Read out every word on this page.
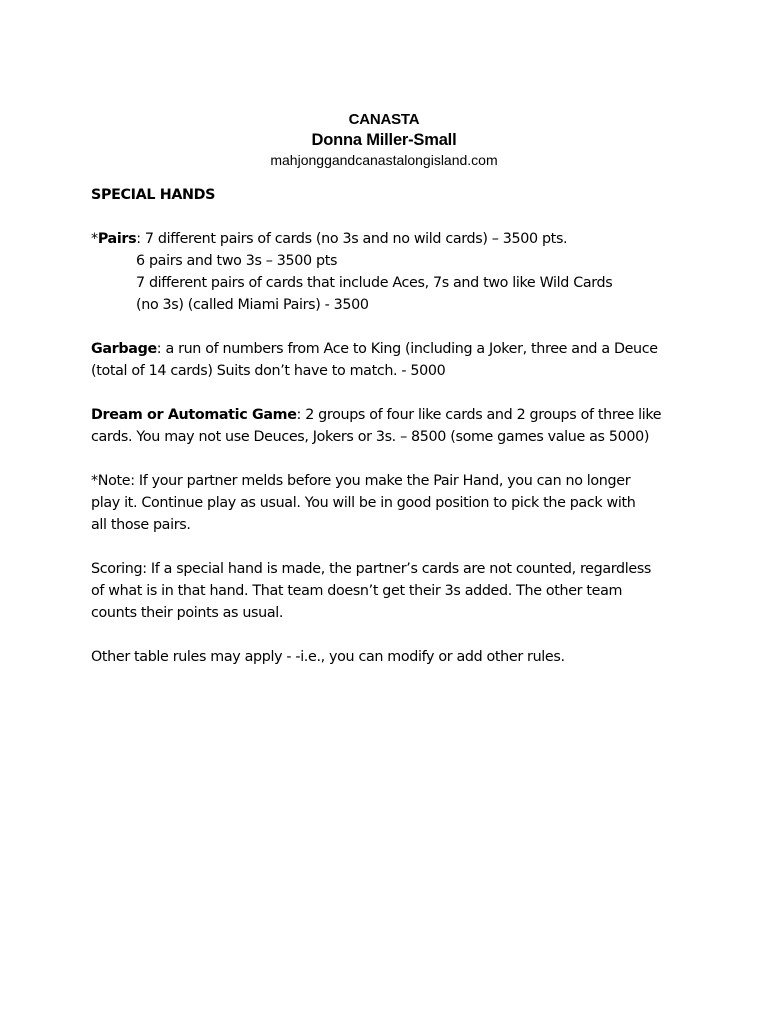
CANASTA
Donna Miller-Small
mahjonggandcanastalongisland.com

SPECIAL HANDS

*Pairs: 7 different pairs of cards (no 3s and no wild cards) – 3500 pts.

6 pairs and two 3s – 3500 pts

7 different pairs of cards that include Aces, 7s and two like Wild Cards

(no 3s) (called Miami Pairs) - 3500

Garbage: a run of numbers from Ace to King (including a Joker, three and a Deuce

(total of 14 cards) Suits don’t have to match. - 5000

Dream or Automatic Game: 2 groups of four like cards and 2 groups of three like

cards. You may not use Deuces, Jokers or 3s. – 8500 (some games value as 5000)

*Note: If your partner melds before you make the Pair Hand, you can no longer

play it. Continue play as usual. You will be in good position to pick the pack with

all those pairs.

Scoring: If a special hand is made, the partner’s cards are not counted, regardless

of what is in that hand. That team doesn’t get their 3s added. The other team

counts their points as usual.

Other table rules may apply - -i.e., you can modify or add other rules.
